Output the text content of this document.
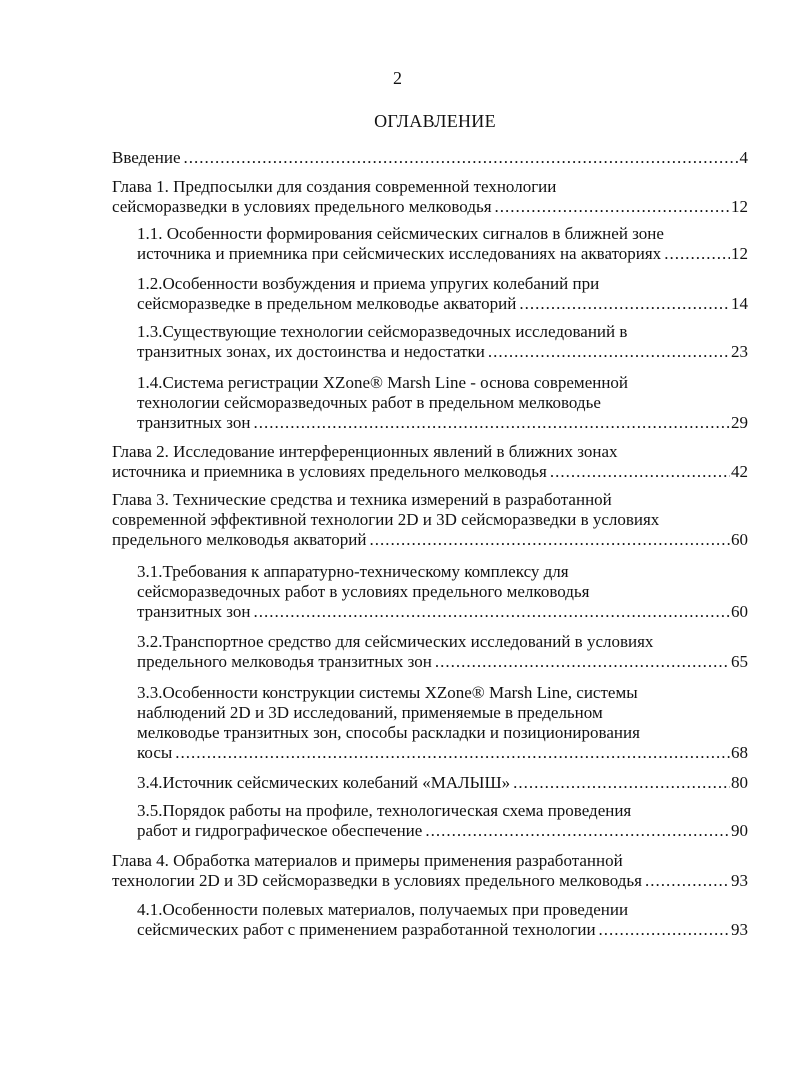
2
ОГЛАВЛЕНИЕ
Введение .....	4
Глава 1. Предпосылки для создания современной технологии
сейсморазведки в условиях предельного мелководья .....	12
1.1. Особенности формирования сейсмических сигналов в ближней зоне
источника и приемника при сейсмических исследованиях на акваториях .....	12
1.2.Особенности возбуждения и приема упругих колебаний при
сейсморазведке в предельном мелководье акваторий .....	14
1.3.Существующие технологии сейсморазведочных исследований в
транзитных зонах, их достоинства и недостатки .....	23
1.4.Система регистрации XZone® Marsh Line - основа современной
технологии сейсморазведочных работ в предельном мелководье
транзитных зон .....	29
Глава 2. Исследование интерференционных явлений в ближних зонах
источника и приемника в условиях предельного мелководья .....	42
Глава 3. Технические средства и техника измерений в разработанной
современной эффективной технологии 2D и 3D сейсморазведки в условиях
предельного мелководья акваторий .....	60
3.1.Требования к аппаратурно-техническому комплексу для
сейсморазведочных работ в условиях предельного мелководья
транзитных зон .....	60
3.2.Транспортное средство для сейсмических исследований в условиях
предельного мелководья транзитных зон .....	65
3.3.Особенности конструкции системы XZone® Marsh Line, системы
наблюдений 2D и 3D исследований, применяемые в предельном
мелководье транзитных зон, способы раскладки и позиционирования
косы .....	68
3.4.Источник сейсмических колебаний «МАЛЫШ» .....	80
3.5.Порядок работы на профиле, технологическая схема проведения
работ и гидрографическое обеспечение .....	90
Глава 4. Обработка материалов и примеры применения разработанной
технологии 2D и 3D сейсморазведки в условиях предельного мелководья .....	93
4.1.Особенности полевых материалов, получаемых при проведении
сейсмических работ с применением разработанной технологии .....	93
